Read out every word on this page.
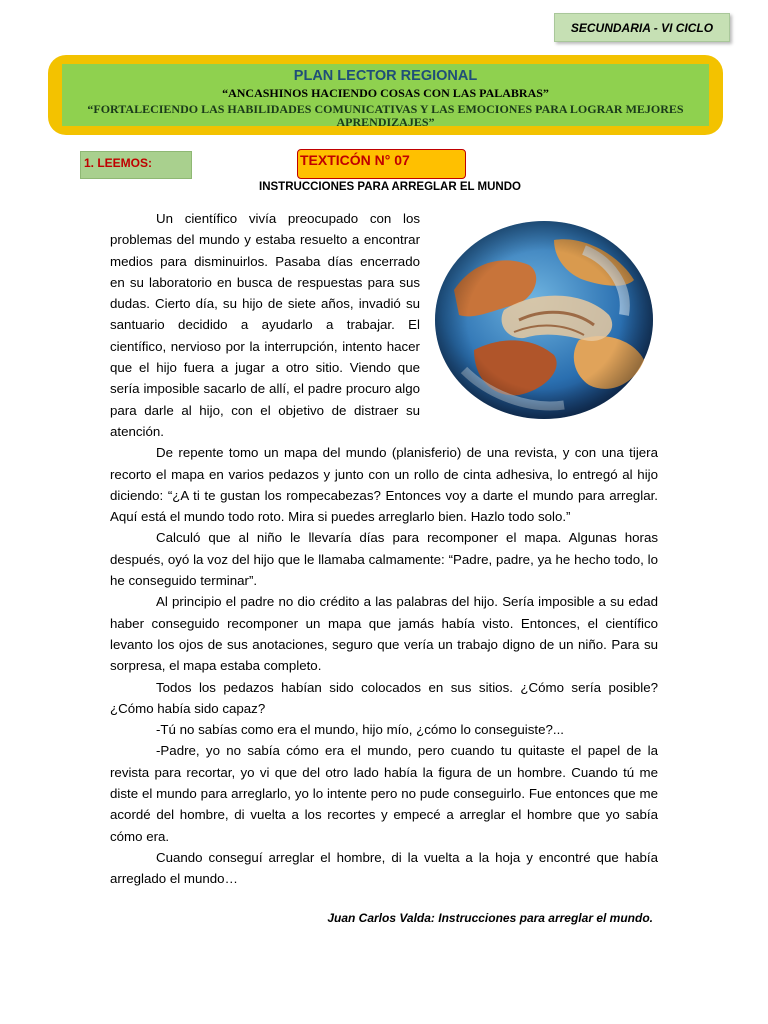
SECUNDARIA - VI CICLO
PLAN LECTOR REGIONAL
“ANCASHINOS HACIENDO COSAS CON LAS PALABRAS”
“FORTALECIENDO LAS HABILIDADES COMUNICATIVAS Y LAS EMOCIONES PARA LOGRAR MEJORES APRENDIZAJES”
1. LEEMOS:	TEXTICÓN N° 07
INSTRUCCIONES PARA ARREGLAR EL MUNDO

Un científico vivía preocupado con los problemas del mundo y estaba resuelto a encontrar medios para disminuirlos. Pasaba días encerrado en su laboratorio en busca de respuestas para sus dudas. Cierto día, su hijo de siete años, invadió su santuario decidido a ayudarlo a trabajar. El científico, nervioso por la interrupción, intento hacer que el hijo fuera a jugar a otro sitio. Viendo que sería imposible sacarlo de allí, el padre procuro algo para darle al hijo, con el objetivo de distraer su atención.

De repente tomo un mapa del mundo (planisferio) de una revista, y con una tijera recorto el mapa en varios pedazos y junto con un rollo de cinta adhesiva, lo entregó al hijo diciendo: “¿A ti te gustan los rompecabezas? Entonces voy a darte el mundo para arreglar. Aquí está el mundo todo roto. Mira si puedes arreglarlo bien. Hazlo todo solo.”

Calculó que al niño le llevaría días para recomponer el mapa. Algunas horas después, oyó la voz del hijo que le llamaba calmamente: “Padre, padre, ya he hecho todo, lo he conseguido terminar”.

Al principio el padre no dio crédito a las palabras del hijo. Sería imposible a su edad haber conseguido recomponer un mapa que jamás había visto. Entonces, el científico levanto los ojos de sus anotaciones, seguro que vería un trabajo digno de un niño. Para su sorpresa, el mapa estaba completo.

Todos los pedazos habían sido colocados en sus sitios. ¿Cómo sería posible? ¿Cómo había sido capaz?

-Tú no sabías como era el mundo, hijo mío, ¿cómo lo conseguiste?...

-Padre, yo no sabía cómo era el mundo, pero cuando tu quitaste el papel de la revista para recortar, yo vi que del otro lado había la figura de un hombre. Cuando tú me diste el mundo para arreglarlo, yo lo intente pero no pude conseguirlo. Fue entonces que me acordé del hombre, di vuelta a los recortes y empecé a arreglar el hombre que yo sabía cómo era.

Cuando conseguí arreglar el hombre, di la vuelta a la hoja y encontré que había arreglado el mundo…

Juan Carlos Valda: Instrucciones para arreglar el mundo.
